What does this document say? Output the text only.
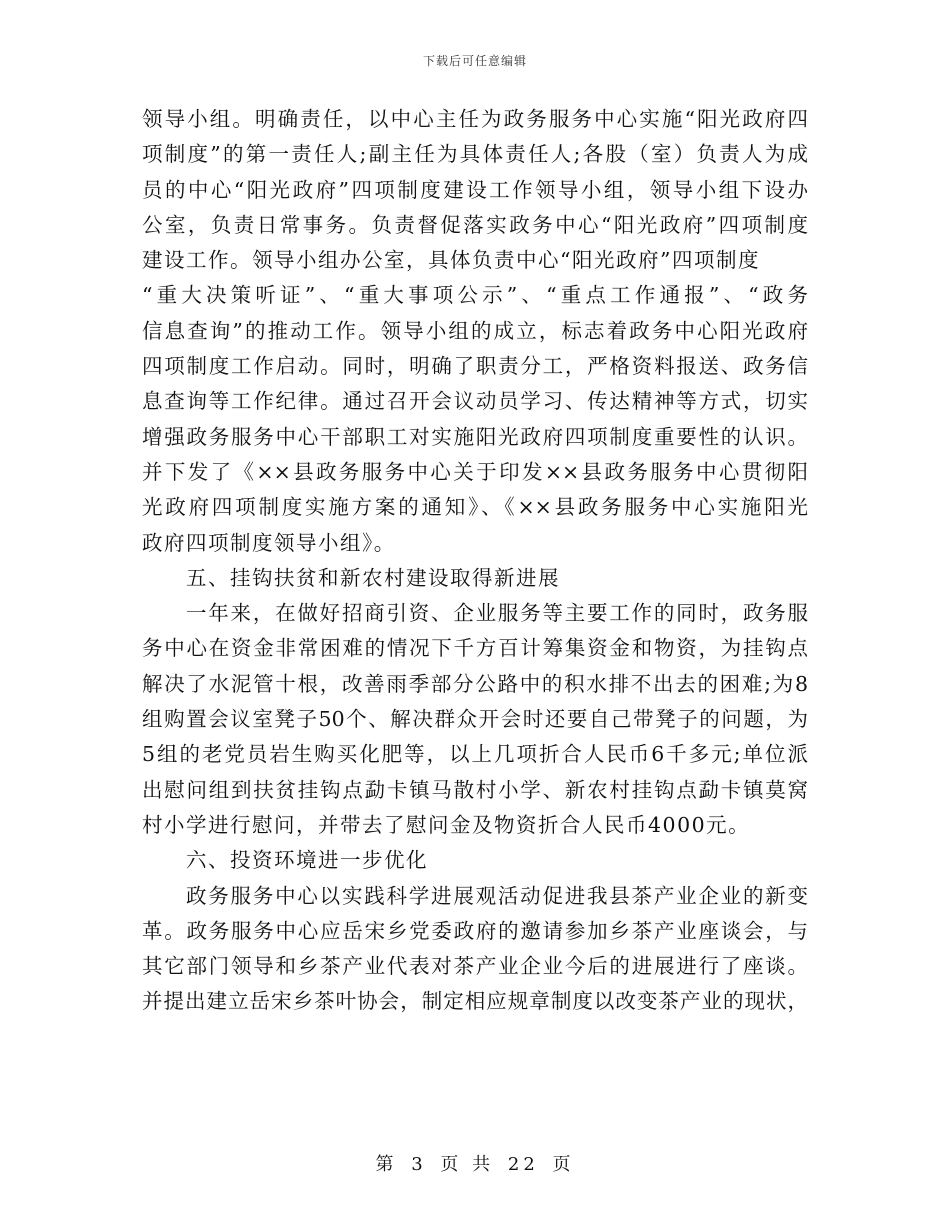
下载后可任意编辑
领导小组。明确责任，以中心主任为政务服务中心实施“阳光政府四
项制度”的第一责任人;副主任为具体责任人;各股（室）负责人为成
员的中心“阳光政府”四项制度建设工作领导小组，领导小组下设办
公室，负责日常事务。负责督促落实政务中心“阳光政府”四项制度
建设工作。领导小组办公室，具体负责中心“阳光政府”四项制度
“重大决策听证”、“重大事项公示”、“重点工作通报”、“政务
信息查询”的推动工作。领导小组的成立，标志着政务中心阳光政府
四项制度工作启动。同时，明确了职责分工，严格资料报送、政务信
息查询等工作纪律。通过召开会议动员学习、传达精神等方式，切实
增强政务服务中心干部职工对实施阳光政府四项制度重要性的认识。
并下发了《××县政务服务中心关于印发××县政务服务中心贯彻阳
光政府四项制度实施方案的通知》、《××县政务服务中心实施阳光
政府四项制度领导小组》。
五、挂钩扶贫和新农村建设取得新进展
一年来，在做好招商引资、企业服务等主要工作的同时，政务服
务中心在资金非常困难的情况下千方百计筹集资金和物资，为挂钩点
解决了水泥管十根，改善雨季部分公路中的积水排不出去的困难;为8
组购置会议室凳子50个、解决群众开会时还要自己带凳子的问题，为
5组的老党员岩生购买化肥等，以上几项折合人民币6千多元;单位派
出慰问组到扶贫挂钩点勐卡镇马散村小学、新农村挂钩点勐卡镇莫窝
村小学进行慰问，并带去了慰问金及物资折合人民币4000元。
六、投资环境进一步优化
政务服务中心以实践科学进展观活动促进我县茶产业企业的新变
革。政务服务中心应岳宋乡党委政府的邀请参加乡茶产业座谈会，与
其它部门领导和乡茶产业代表对茶产业企业今后的进展进行了座谈。
并提出建立岳宋乡茶叶协会，制定相应规章制度以改变茶产业的现状，
第 3 页 共 22 页
